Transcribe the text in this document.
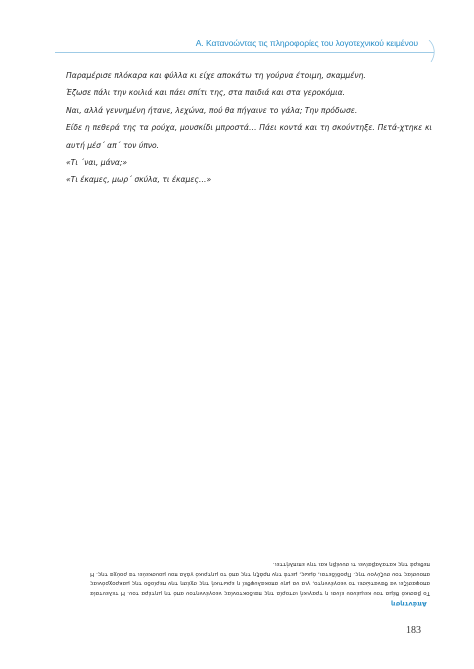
Α. Κατανοώντας τις πληροφορίες του λογοτεχνικού κειμένου

Παραμέρισε πλόκαρα και φύλλα κι είχε αποκάτω τη γούρνα έτοιμη, σκαμμένη.

Έζωσε πάλι την κοιλιά και πάει σπίτι της, στα παιδιά και στα γεροκόμια.

Ναι, αλλά γεννημένη ήτανε, λεχώνα, πού θα πήγαινε το γάλα; Την πρόδωσε.

Είδε η πεθερά της τα ρούχα, μουσκίδι μπροστά… Πάει κοντά και τη σκούντηξε. Πετά-χτηκε κι αυτή μέσ΄ απ΄ τον ύπνο.

«Τι ΄ναι, μάνα;»

«Τι έκαμες, μωρ΄ σκύλα, τι έκαμες…»

Το βασικό θέμα του κειμένου είναι η τραγική ιστορία της παιδοκτονίας νεογέννητου από τη μητέρα του. Η τελευταία αποφασίζει να θανατώσει το νεογέννητο, για να μην αποκαλυφθεί η ερωτική της σχέση την περίοδο της μακροχρόνιας απουσίας του συζύγου της. Προδίδεται, όμως, μετά την πράξη της από το μητρικό γάλα που μουσκεύει τα ρούχα της. Η πεθερά της καταλαβαίνει τι συνέβη και την επιπλήττει.

Απάντηση
183
